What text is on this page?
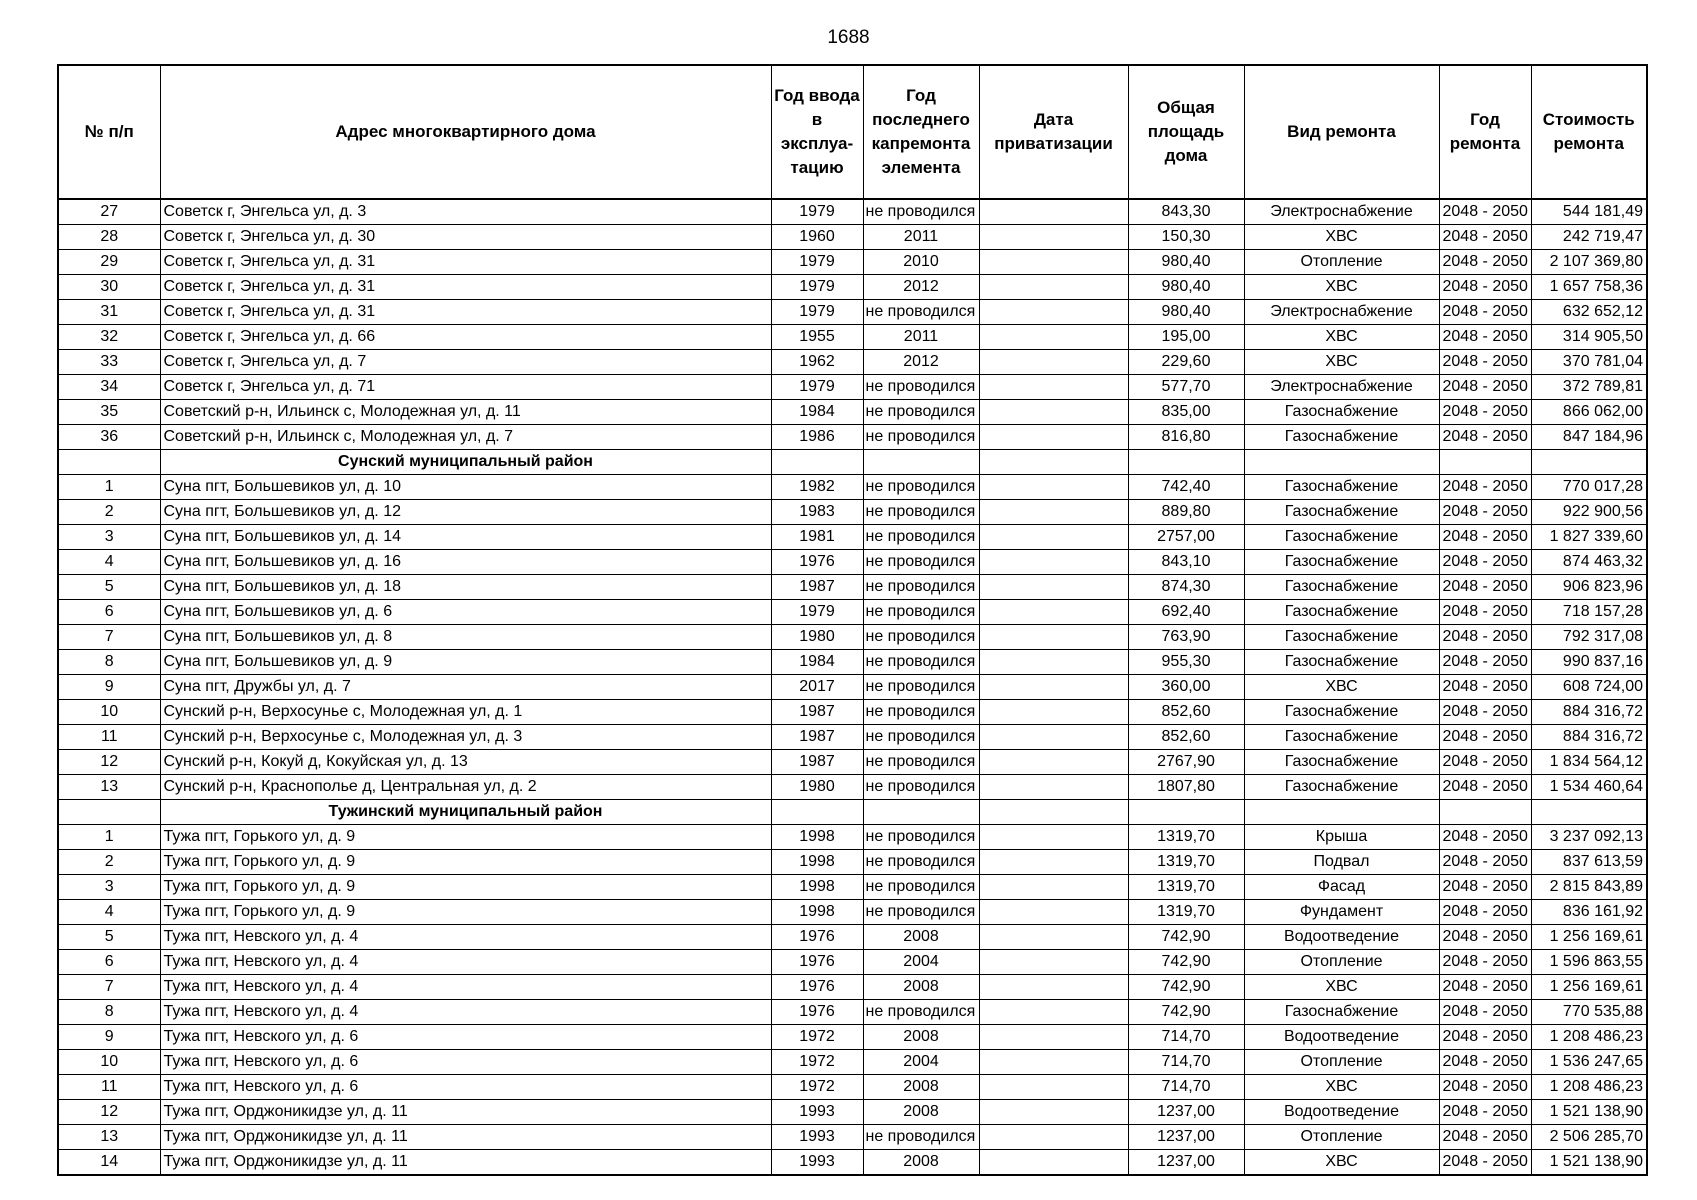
1688
№ п/п	Адрес многоквартирного дома	Год ввода в эксплуа-тацию	Год последнего капремонта элемента	Дата приватизации	Общая площадь дома	Вид ремонта	Год ремонта	Стоимость ремонта
27	Советск г, Энгельса ул, д. 3	1979	не проводился		843,30	Электроснабжение	2048 - 2050	544 181,49
28	Советск г, Энгельса ул, д. 30	1960	2011		150,30	ХВС	2048 - 2050	242 719,47
29	Советск г, Энгельса ул, д. 31	1979	2010		980,40	Отопление	2048 - 2050	2 107 369,80
30	Советск г, Энгельса ул, д. 31	1979	2012		980,40	ХВС	2048 - 2050	1 657 758,36
31	Советск г, Энгельса ул, д. 31	1979	не проводился		980,40	Электроснабжение	2048 - 2050	632 652,12
32	Советск г, Энгельса ул, д. 66	1955	2011		195,00	ХВС	2048 - 2050	314 905,50
33	Советск г, Энгельса ул, д. 7	1962	2012		229,60	ХВС	2048 - 2050	370 781,04
34	Советск г, Энгельса ул, д. 71	1979	не проводился		577,70	Электроснабжение	2048 - 2050	372 789,81
35	Советский р-н, Ильинск с, Молодежная ул, д. 11	1984	не проводился		835,00	Газоснабжение	2048 - 2050	866 062,00
36	Советский р-н, Ильинск с, Молодежная ул, д. 7	1986	не проводился		816,80	Газоснабжение	2048 - 2050	847 184,96
	Сунский муниципальный район							
1	Суна пгт, Большевиков ул, д. 10	1982	не проводился		742,40	Газоснабжение	2048 - 2050	770 017,28
2	Суна пгт, Большевиков ул, д. 12	1983	не проводился		889,80	Газоснабжение	2048 - 2050	922 900,56
3	Суна пгт, Большевиков ул, д. 14	1981	не проводился		2757,00	Газоснабжение	2048 - 2050	1 827 339,60
4	Суна пгт, Большевиков ул, д. 16	1976	не проводился		843,10	Газоснабжение	2048 - 2050	874 463,32
5	Суна пгт, Большевиков ул, д. 18	1987	не проводился		874,30	Газоснабжение	2048 - 2050	906 823,96
6	Суна пгт, Большевиков ул, д. 6	1979	не проводился		692,40	Газоснабжение	2048 - 2050	718 157,28
7	Суна пгт, Большевиков ул, д. 8	1980	не проводился		763,90	Газоснабжение	2048 - 2050	792 317,08
8	Суна пгт, Большевиков ул, д. 9	1984	не проводился		955,30	Газоснабжение	2048 - 2050	990 837,16
9	Суна пгт, Дружбы ул, д. 7	2017	не проводился		360,00	ХВС	2048 - 2050	608 724,00
10	Сунский р-н, Верхосунье с, Молодежная ул, д. 1	1987	не проводился		852,60	Газоснабжение	2048 - 2050	884 316,72
11	Сунский р-н, Верхосунье с, Молодежная ул, д. 3	1987	не проводился		852,60	Газоснабжение	2048 - 2050	884 316,72
12	Сунский р-н, Кокуй д, Кокуйская ул, д. 13	1987	не проводился		2767,90	Газоснабжение	2048 - 2050	1 834 564,12
13	Сунский р-н, Краснополье д, Центральная ул, д. 2	1980	не проводился		1807,80	Газоснабжение	2048 - 2050	1 534 460,64
	Тужинский муниципальный район							
1	Тужа пгт, Горького ул, д. 9	1998	не проводился		1319,70	Крыша	2048 - 2050	3 237 092,13
2	Тужа пгт, Горького ул, д. 9	1998	не проводился		1319,70	Подвал	2048 - 2050	837 613,59
3	Тужа пгт, Горького ул, д. 9	1998	не проводился		1319,70	Фасад	2048 - 2050	2 815 843,89
4	Тужа пгт, Горького ул, д. 9	1998	не проводился		1319,70	Фундамент	2048 - 2050	836 161,92
5	Тужа пгт, Невского ул, д. 4	1976	2008		742,90	Водоотведение	2048 - 2050	1 256 169,61
6	Тужа пгт, Невского ул, д. 4	1976	2004		742,90	Отопление	2048 - 2050	1 596 863,55
7	Тужа пгт, Невского ул, д. 4	1976	2008		742,90	ХВС	2048 - 2050	1 256 169,61
8	Тужа пгт, Невского ул, д. 4	1976	не проводился		742,90	Газоснабжение	2048 - 2050	770 535,88
9	Тужа пгт, Невского ул, д. 6	1972	2008		714,70	Водоотведение	2048 - 2050	1 208 486,23
10	Тужа пгт, Невского ул, д. 6	1972	2004		714,70	Отопление	2048 - 2050	1 536 247,65
11	Тужа пгт, Невского ул, д. 6	1972	2008		714,70	ХВС	2048 - 2050	1 208 486,23
12	Тужа пгт, Орджоникидзе ул, д. 11	1993	2008		1237,00	Водоотведение	2048 - 2050	1 521 138,90
13	Тужа пгт, Орджоникидзе ул, д. 11	1993	не проводился		1237,00	Отопление	2048 - 2050	2 506 285,70
14	Тужа пгт, Орджоникидзе ул, д. 11	1993	2008		1237,00	ХВС	2048 - 2050	1 521 138,90
